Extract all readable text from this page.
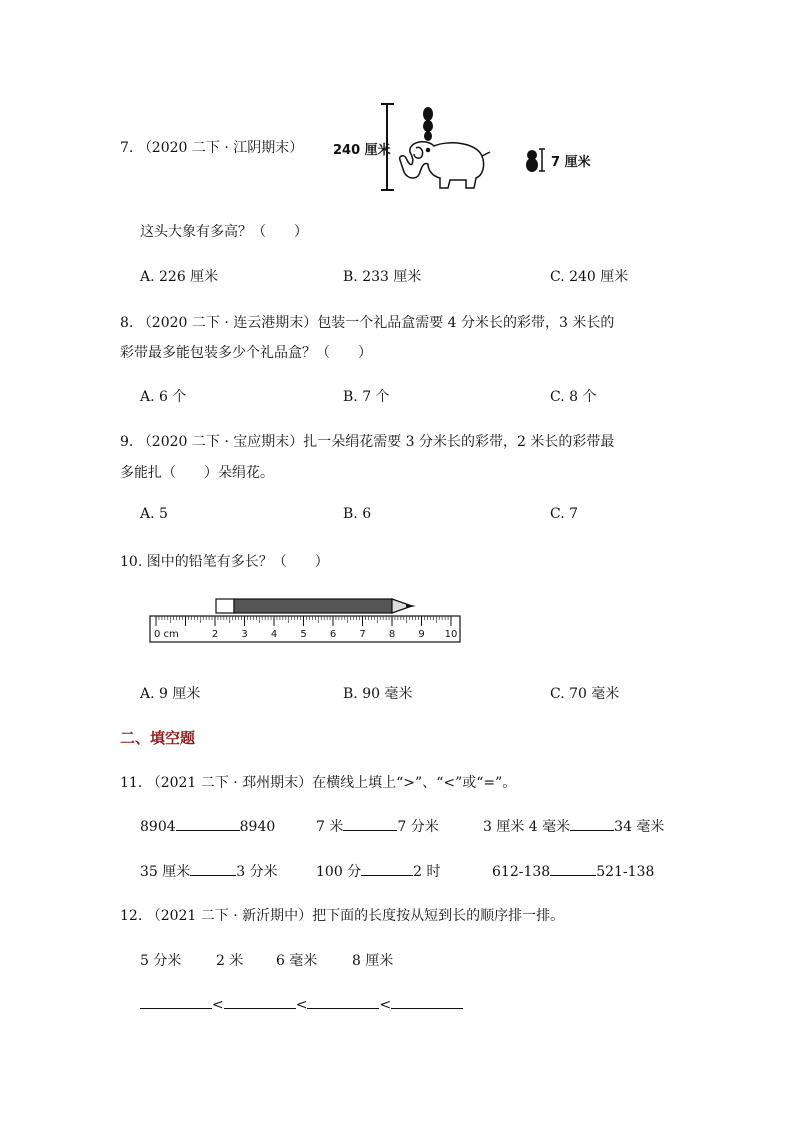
7. （2020 二下 · 江阴期末） 240 厘米
7 厘米
这头大象有多高？（　　）
A. 226 厘米	B. 233 厘米	C. 240 厘米
8. （2020 二下 · 连云港期末）包装一个礼品盒需要 4 分米长的彩带，3 米长的
彩带最多能包装多少个礼品盒？（　　）
A. 6 个	B. 7 个	C. 8 个
9. （2020 二下 · 宝应期末）扎一朵绢花需要 3 分米长的彩带，2 米长的彩带最
多能扎（　　）朵绢花。
A. 5	B. 6	C. 7
10. 图中的铅笔有多长？（　　）
2 3 4 5 6 7 8 9 10
0 cm
A. 9 厘米	B. 90 毫米	C. 70 毫米
二、填空题
11. （2021 二下 · 邳州期末）在横线上填上“>”、“<”或“=”。
8904	8940	7 米	7 分米	3 厘米 4 毫米	34 毫米
35 厘米	3 分米	100 分	2 时	612-138	521-138
12. （2021 二下 · 新沂期中）把下面的长度按从短到长的顺序排一排。
5 分米 2 米 6 毫米 8 厘米
<	<	<
